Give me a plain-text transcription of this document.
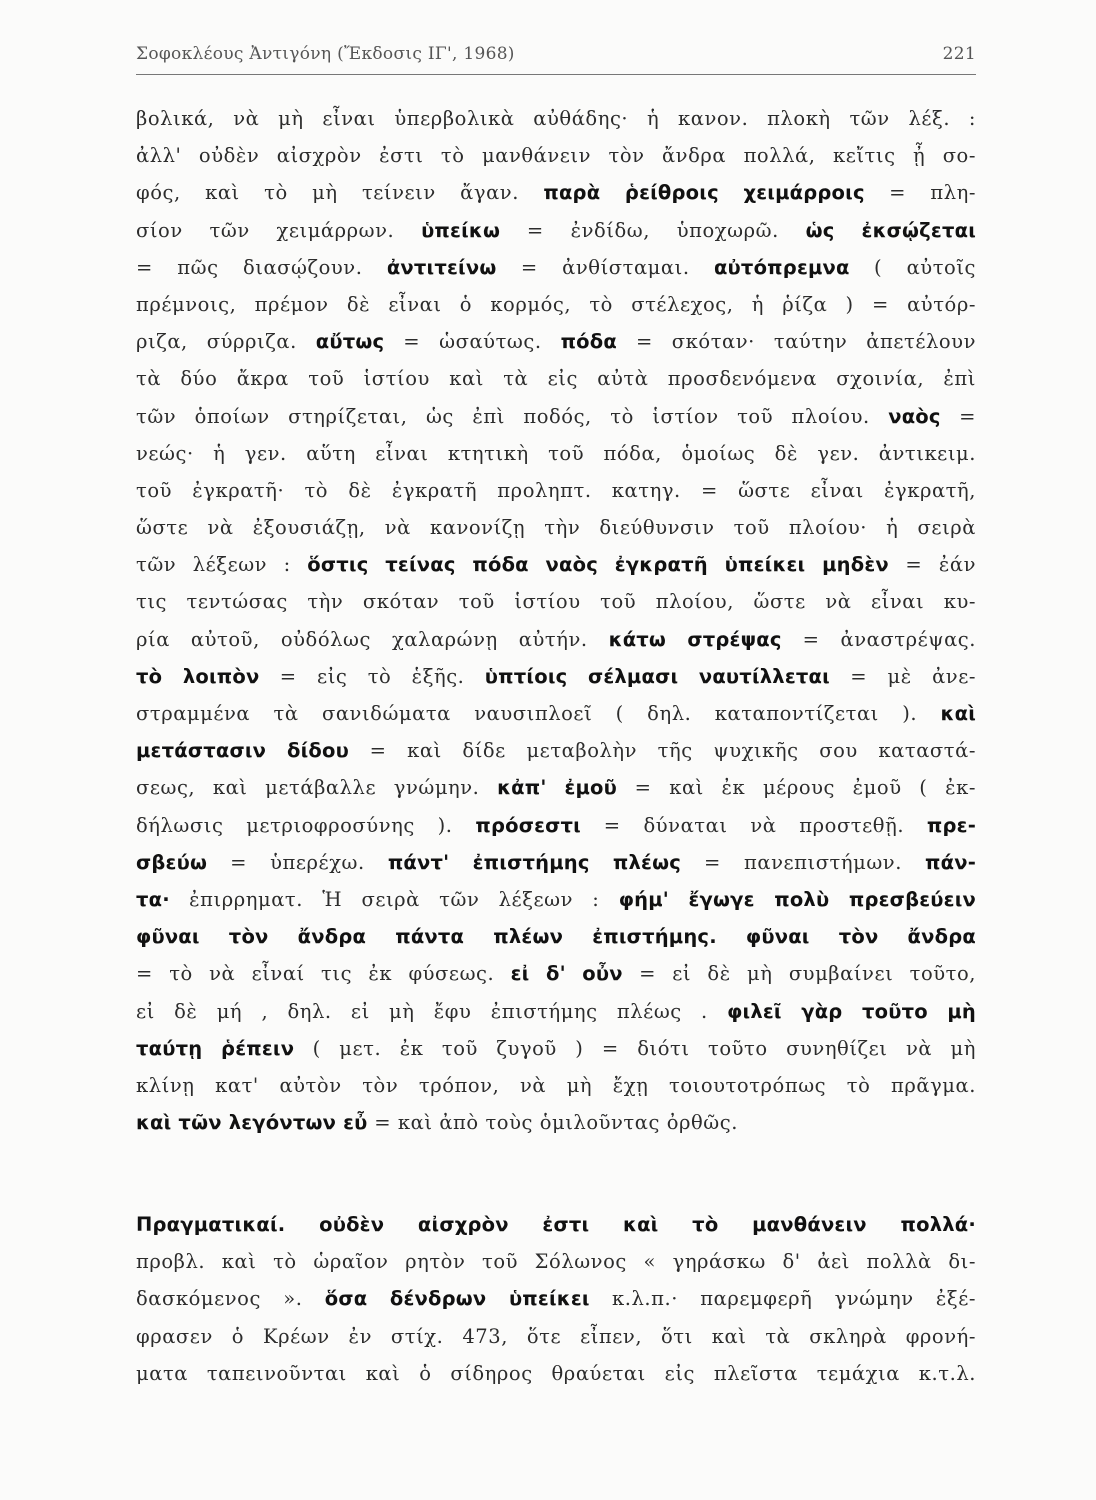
Σοφοκλέους Ἀντιγόνη (Ἔκδοσις ΙΓ', 1968)	221
βολικά, νὰ μὴ εἶναι ὑπερβολικὰ αὐθάδης· ἡ κανον. πλοκὴ τῶν λέξ. :
ἀλλ' οὐδὲν αἰσχρὸν ἐστι τὸ μανθάνειν τὸν ἄνδρα πολλά, κεἴτις ᾖ σο-
φός, καὶ τὸ μὴ τείνειν ἄγαν. παρὰ ῥείθροις χειμάρροις = πλη-
σίον τῶν χειμάρρων. ὑπείκω = ἐνδίδω, ὑποχωρῶ. ὡς ἐκσῴζεται
= πῶς διασῴζουν. ἀντιτείνω = ἀνθίσταμαι. αὐτόπρεμνα ( αὐτοῖς
πρέμνοις, πρέμον δὲ εἶναι ὁ κορμός, τὸ στέλεχος, ἡ ῥίζα ) = αὐτόρ-
ριζα, σύρριζα. αὔτως = ὡσαύτως. πόδα = σκόταν· ταύτην ἀπετέλουν
τὰ δύο ἄκρα τοῦ ἱστίου καὶ τὰ εἰς αὐτὰ προσδενόμενα σχοινία, ἐπὶ
τῶν ὁποίων στηρίζεται, ὡς ἐπὶ ποδός, τὸ ἱστίον τοῦ πλοίου. ναὸς =
νεώς· ἡ γεν. αὕτη εἶναι κτητικὴ τοῦ πόδα, ὁμοίως δὲ γεν. ἀντικειμ.
τοῦ ἐγκρατῆ· τὸ δὲ ἐγκρατῆ προληπτ. κατηγ. = ὥστε εἶναι ἐγκρατῆ,
ὥστε νὰ ἐξουσιάζῃ, νὰ κανονίζῃ τὴν διεύθυνσιν τοῦ πλοίου· ἡ σειρὰ
τῶν λέξεων : ὅστις τείνας πόδα ναὸς ἐγκρατῆ ὑπείκει μηδὲν = ἐάν
τις τεντώσας τὴν σκόταν τοῦ ἱστίου τοῦ πλοίου, ὥστε νὰ εἶναι κυ-
ρία αὐτοῦ, οὐδόλως χαλαρώνῃ αὐτήν. κάτω στρέψας = ἀναστρέψας.
τὸ λοιπὸν = εἰς τὸ ἑξῆς. ὑπτίοις σέλμασι ναυτίλλεται = μὲ ἀνε-
στραμμένα τὰ σανιδώματα ναυσιπλοεῖ ( δηλ. καταποντίζεται ). καὶ
μετάστασιν δίδου = καὶ δίδε μεταβολὴν τῆς ψυχικῆς σου καταστά-
σεως, καὶ μετάβαλλε γνώμην. κἀπ' ἐμοῦ = καὶ ἐκ μέρους ἐμοῦ ( ἐκ-
δήλωσις μετριοφροσύνης ). πρόσεστι = δύναται νὰ προστεθῇ. πρε-
σβεύω = ὑπερέχω. πάντ' ἐπιστήμης πλέως = πανεπιστήμων. πάν-
τα· ἐπιρρηματ. Ἡ σειρὰ τῶν λέξεων : φήμ' ἔγωγε πολὺ πρεσβεύειν
φῦναι τὸν ἄνδρα πάντα πλέων ἐπιστήμης. φῦναι τὸν ἄνδρα
= τὸ νὰ εἶναί τις ἐκ φύσεως. εἰ δ' οὖν = εἰ δὲ μὴ συμβαίνει τοῦτο,
εἰ δὲ μή , δηλ. εἰ μὴ ἔφυ ἐπιστήμης πλέως . φιλεῖ γὰρ τοῦτο μὴ
ταύτῃ ῥέπειν ( μετ. ἐκ τοῦ ζυγοῦ ) = διότι τοῦτο συνηθίζει νὰ μὴ
κλίνῃ κατ' αὐτὸν τὸν τρόπον, νὰ μὴ ἔχῃ τοιουτοτρόπως τὸ πρᾶγμα.
καὶ τῶν λεγόντων εὖ = καὶ ἀπὸ τοὺς ὁμιλοῦντας ὀρθῶς.
Πραγματικαί. οὐδὲν αἰσχρὸν ἐστι καὶ τὸ μανθάνειν πολλά·
προβλ. καὶ τὸ ὡραῖον ρητὸν τοῦ Σόλωνος « γηράσκω δ' ἀεὶ πολλὰ δι-
δασκόμενος ». ὅσα δένδρων ὑπείκει κ.λ.π.· παρεμφερῆ γνώμην ἐξέ-
φρασεν ὁ Κρέων ἐν στίχ. 473, ὅτε εἶπεν, ὅτι καὶ τὰ σκληρὰ φρονή-
ματα ταπεινοῦνται καὶ ὁ σίδηρος θραύεται εἰς πλεῖστα τεμάχια κ.τ.λ.
